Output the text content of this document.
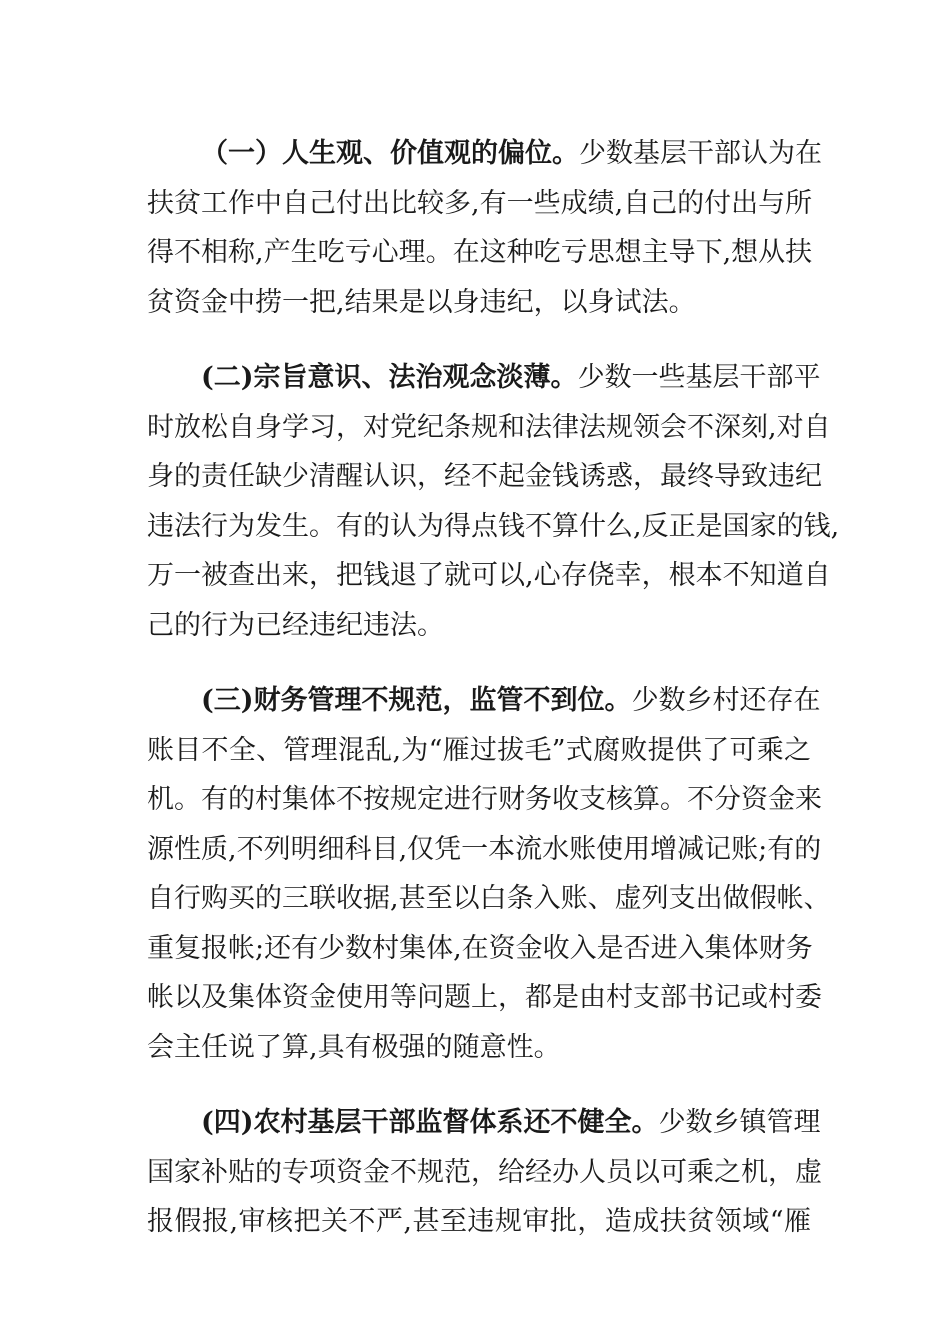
（一）人生观、价值观的偏位。少数基层干部认为在
扶贫工作中自己付出比较多,有一些成绩,自己的付出与所
得不相称,产生吃亏心理。在这种吃亏思想主导下,想从扶
贫资金中捞一把,结果是以身违纪，以身试法。
(二)宗旨意识、法治观念淡薄。少数一些基层干部平
时放松自身学习，对党纪条规和法律法规领会不深刻,对自
身的责任缺少清醒认识，经不起金钱诱惑，最终导致违纪
违法行为发生。有的认为得点钱不算什么,反正是国家的钱,
万一被查出来，把钱退了就可以,心存侥幸，根本不知道自
己的行为已经违纪违法。
(三)财务管理不规范，监管不到位。少数乡村还存在
账目不全、管理混乱,为“雁过拔毛”式腐败提供了可乘之
机。有的村集体不按规定进行财务收支核算。不分资金来
源性质,不列明细科目,仅凭一本流水账使用增减记账;有的
自行购买的三联收据,甚至以白条入账、虚列支出做假帐、
重复报帐;还有少数村集体,在资金收入是否进入集体财务
帐以及集体资金使用等问题上，都是由村支部书记或村委
会主任说了算,具有极强的随意性。
(四)农村基层干部监督体系还不健全。少数乡镇管理
国家补贴的专项资金不规范，给经办人员以可乘之机，虚
报假报,审核把关不严,甚至违规审批，造成扶贫领域“雁
